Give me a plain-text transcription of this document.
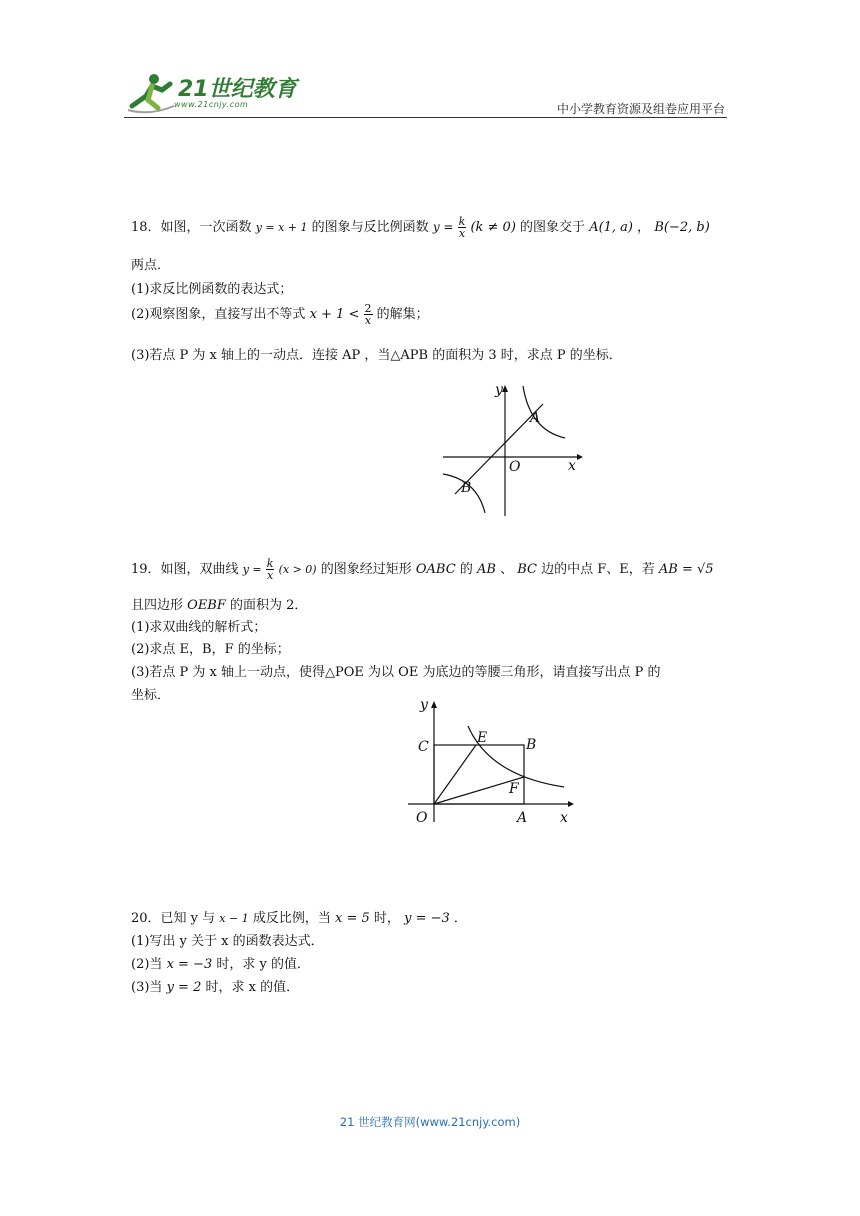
21世纪教育
www.21cnjy.com	中小学教育资源及组卷应用平台
18．如图，一次函数 y = x + 1 的图象与反比例函数 $y = \frac{k}{x} (k \ne 0)$ 的图象交于 A(1, a) ， B(−2, b)
两点．
(1)求反比例函数的表达式；
(2)观察图象，直接写出不等式 $x + 1 < \frac{2}{x}$ 的解集；
(3)若点 P 为 x 轴上的一动点．连接 AP ，当△APB 的面积为 3 时，求点 P 的坐标．
y
x
O
A
B
19．如图，双曲线 $y = \frac{k}{x} (x > 0)$ 的图象经过矩形 OABC 的 AB 、 BC 边的中点 F、E，若 AB = √5
且四边形 OEBF 的面积为 2．
(1)求双曲线的解析式；
(2)求点 E，B，F 的坐标；
(3)若点 P 为 x 轴上一动点，使得△POE 为以 OE 为底边的等腰三角形，请直接写出点 P 的
坐标．
y
x
O	A
B
C
E
F
20．已知 y 与 x − 1 成反比例，当 x = 5 时， y = −3 ．
(1)写出 y 关于 x 的函数表达式．
(2)当 x = −3 时，求 y 的值．
(3)当 y = 2 时，求 x 的值．
21 世纪教育网(www.21cnjy.com)
